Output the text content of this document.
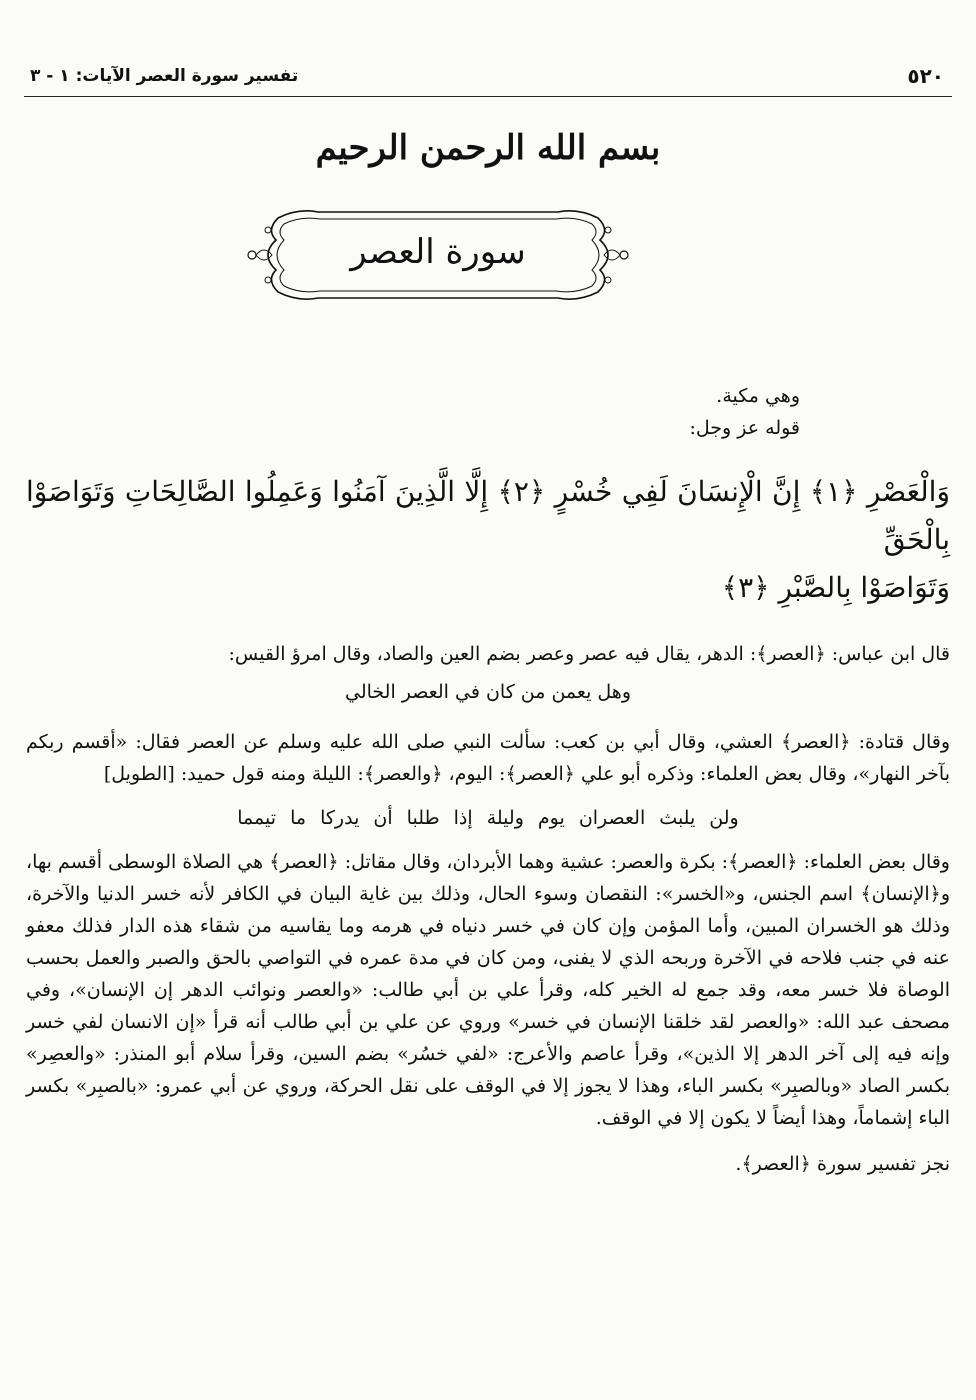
٥٢٠
تفسير سورة العصر الآيات: ١ - ٣
بسم الله الرحمن الرحيم
سورة العصر

وهي مكية.

قوله عز وجل:

وَالْعَصْرِ ﴿١﴾ إِنَّ الْإِنسَانَ لَفِي خُسْرٍ ﴿٢﴾ إِلَّا الَّذِينَ آمَنُوا وَعَمِلُوا الصَّالِحَاتِ وَتَوَاصَوْا بِالْحَقِّ

وَتَوَاصَوْا بِالصَّبْرِ ﴿٣﴾

قال ابن عباس: ﴿العصر﴾: الدهر، يقال فيه عصر وعصر بضم العين والصاد، وقال امرؤ القيس:

وهل يعمن من كان في العصر الخالي

وقال قتادة: ﴿العصر﴾ العشي، وقال أبي بن كعب: سألت النبي صلى الله عليه وسلم عن العصر فقال: «أقسم ربكم بآخر النهار»، وقال بعض العلماء: وذكره أبو علي ﴿العصر﴾: اليوم، ﴿والعصر﴾: الليلة ومنه قول حميد: [الطويل]

ولن يلبث العصران يوم وليلة إذا طلبا أن يدركا ما تيمما

وقال بعض العلماء: ﴿العصر﴾: بكرة والعصر: عشية وهما الأبردان، وقال مقاتل: ﴿العصر﴾ هي الصلاة الوسطى أقسم بها، و﴿الإنسان﴾ اسم الجنس، و«الخسر»: النقصان وسوء الحال، وذلك بين غاية البيان في الكافر لأنه خسر الدنيا والآخرة، وذلك هو الخسران المبين، وأما المؤمن وإن كان في خسر دنياه في هرمه وما يقاسيه من شقاء هذه الدار فذلك معفو عنه في جنب فلاحه في الآخرة وربحه الذي لا يفنى، ومن كان في مدة عمره في التواصي بالحق والصبر والعمل بحسب الوصاة فلا خسر معه، وقد جمع له الخير كله، وقرأ علي بن أبي طالب: «والعصر ونوائب الدهر إن الإنسان»، وفي مصحف عبد الله: «والعصر لقد خلقنا الإنسان في خسر» وروي عن علي بن أبي طالب أنه قرأ «إن الانسان لفي خسر وإنه فيه إلى آخر الدهر إلا الذين»، وقرأ عاصم والأعرج: «لفي خسُر» بضم السين، وقرأ سلام أبو المنذر: «والعصِر» بكسر الصاد «وبالصبِر» بكسر الباء، وهذا لا يجوز إلا في الوقف على نقل الحركة، وروي عن أبي عمرو: «بالصبِر» بكسر الباء إشماماً، وهذا أيضاً لا يكون إلا في الوقف.

نجز تفسير سورة ﴿العصر﴾.
